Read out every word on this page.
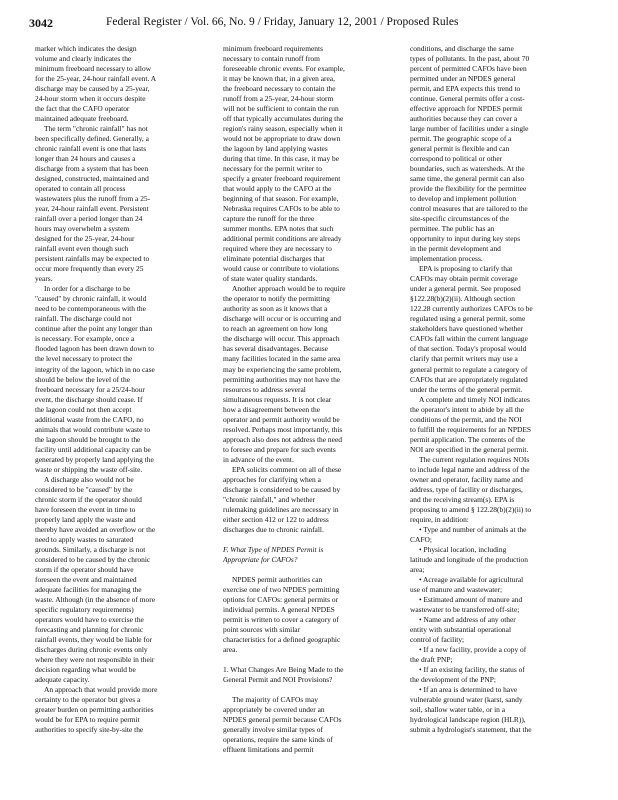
3042	Federal Register / Vol. 66, No. 9 / Friday, January 12, 2001 / Proposed Rules
marker which indicates the design
volume and clearly indicates the
minimum freeboard necessary to allow
for the 25-year, 24-hour rainfall event. A
discharge may be caused by a 25-year,
24-hour storm when it occurs despite
the fact that the CAFO operator
maintained adequate freeboard.
The term "chronic rainfall" has not
been specifically defined. Generally, a
chronic rainfall event is one that lasts
longer than 24 hours and causes a
discharge from a system that has been
designed, constructed, maintained and
operated to contain all process
wastewaters plus the runoff from a 25-
year, 24-hour rainfall event. Persistent
rainfall over a period longer than 24
hours may overwhelm a system
designed for the 25-year, 24-hour
rainfall event even though such
persistent rainfalls may be expected to
occur more frequently than every 25
years.
In order for a discharge to be
"caused" by chronic rainfall, it would
need to be contemporaneous with the
rainfall. The discharge could not
continue after the point any longer than
is necessary. For example, once a
flooded lagoon has been drawn down to
the level necessary to protect the
integrity of the lagoon, which in no case
should be below the level of the
freeboard necessary for a 25/24-hour
event, the discharge should cease. If
the lagoon could not then accept
additional waste from the CAFO, no
animals that would contribute waste to
the lagoon should be brought to the
facility until additional capacity can be
generated by properly land applying the
waste or shipping the waste off-site.
A discharge also would not be
considered to be "caused" by the
chronic storm if the operator should
have foreseen the event in time to
properly land apply the waste and
thereby have avoided an overflow or the
need to apply wastes to saturated
grounds. Similarly, a discharge is not
considered to be caused by the chronic
storm if the operator should have
foreseen the event and maintained
adequate facilities for managing the
waste. Although (in the absence of more
specific regulatory requirements)
operators would have to exercise the
forecasting and planning for chronic
rainfall events, they would be liable for
discharges during chronic events only
where they were not responsible in their
decision regarding what would be
adequate capacity.
An approach that would provide more
certainty to the operator but gives a
greater burden on permitting authorities
would be for EPA to require permit
authorities to specify site-by-site the
minimum freeboard requirements
necessary to contain runoff from
foreseeable chronic events. For example,
it may be known that, in a given area,
the freeboard necessary to contain the
runoff from a 25-year, 24-hour storm
will not be sufficient to contain the run
off that typically accumulates during the
region's rainy season, especially when it
would not be appropriate to draw down
the lagoon by land applying wastes
during that time. In this case, it may be
necessary for the permit writer to
specify a greater freeboard requirement
that would apply to the CAFO at the
beginning of that season. For example,
Nebraska requires CAFOs to be able to
capture the runoff for the three
summer months. EPA notes that such
additional permit conditions are already
required where they are necessary to
eliminate potential discharges that
would cause or contribute to violations
of state water quality standards.
Another approach would be to require
the operator to notify the permitting
authority as soon as it knows that a
discharge will occur or is occurring and
to reach an agreement on how long
the discharge will occur. This approach
has several disadvantages. Because
many facilities located in the same area
may be experiencing the same problem,
permitting authorities may not have the
resources to address several
simultaneous requests. It is not clear
how a disagreement between the
operator and permit authority would be
resolved. Perhaps most importantly, this
approach also does not address the need
to foresee and prepare for such events
in advance of the event.
EPA solicits comment on all of these
approaches for clarifying when a
discharge is considered to be caused by
"chronic rainfall," and whether
rulemaking guidelines are necessary in
either section 412 or 122 to address
discharges due to chronic rainfall.
F. What Type of NPDES Permit is
Appropriate for CAFOs?
NPDES permit authorities can
exercise one of two NPDES permitting
options for CAFOs: general permits or
individual permits. A general NPDES
permit is written to cover a category of
point sources with similar
characteristics for a defined geographic
area.
1. What Changes Are Being Made to the
General Permit and NOI Provisions?
The majority of CAFOs may
appropriately be covered under an
NPDES general permit because CAFOs
generally involve similar types of
operations, require the same kinds of
effluent limitations and permit
conditions, and discharge the same
types of pollutants. In the past, about 70
percent of permitted CAFOs have been
permitted under an NPDES general
permit, and EPA expects this trend to
continue. General permits offer a cost-
effective approach for NPDES permit
authorities because they can cover a
large number of facilities under a single
permit. The geographic scope of a
general permit is flexible and can
correspond to political or other
boundaries, such as watersheds. At the
same time, the general permit can also
provide the flexibility for the permittee
to develop and implement pollution
control measures that are tailored to the
site-specific circumstances of the
permittee. The public has an
opportunity to input during key steps
in the permit development and
implementation process.
EPA is proposing to clarify that
CAFOs may obtain permit coverage
under a general permit. See proposed
§122.28(b)(2)(ii). Although section
122.28 currently authorizes CAFOs to be
regulated using a general permit, some
stakeholders have questioned whether
CAFOs fall within the current language
of that section. Today's proposal would
clarify that permit writers may use a
general permit to regulate a category of
CAFOs that are appropriately regulated
under the terms of the general permit.
A complete and timely NOI indicates
the operator's intent to abide by all the
conditions of the permit, and the NOI
to fulfill the requirements for an NPDES
permit application. The contents of the
NOI are specified in the general permit.
The current regulation requires NOIs
to include legal name and address of the
owner and operator, facility name and
address, type of facility or discharges,
and the receiving stream(s). EPA is
proposing to amend § 122.28(b)(2)(ii) to
require, in addition:
• Type and number of animals at the
CAFO;
• Physical location, including
latitude and longitude of the production
area;
• Acreage available for agricultural
use of manure and wastewater;
• Estimated amount of manure and
wastewater to be transferred off-site;
• Name and address of any other
entity with substantial operational
control of facility;
• If a new facility, provide a copy of
the draft PNP;
• If an existing facility, the status of
the development of the PNP;
• If an area is determined to have
vulnerable ground water (karst, sandy
soil, shallow water table, or in a
hydrological landscape region (HLR)),
submit a hydrologist's statement, that the
